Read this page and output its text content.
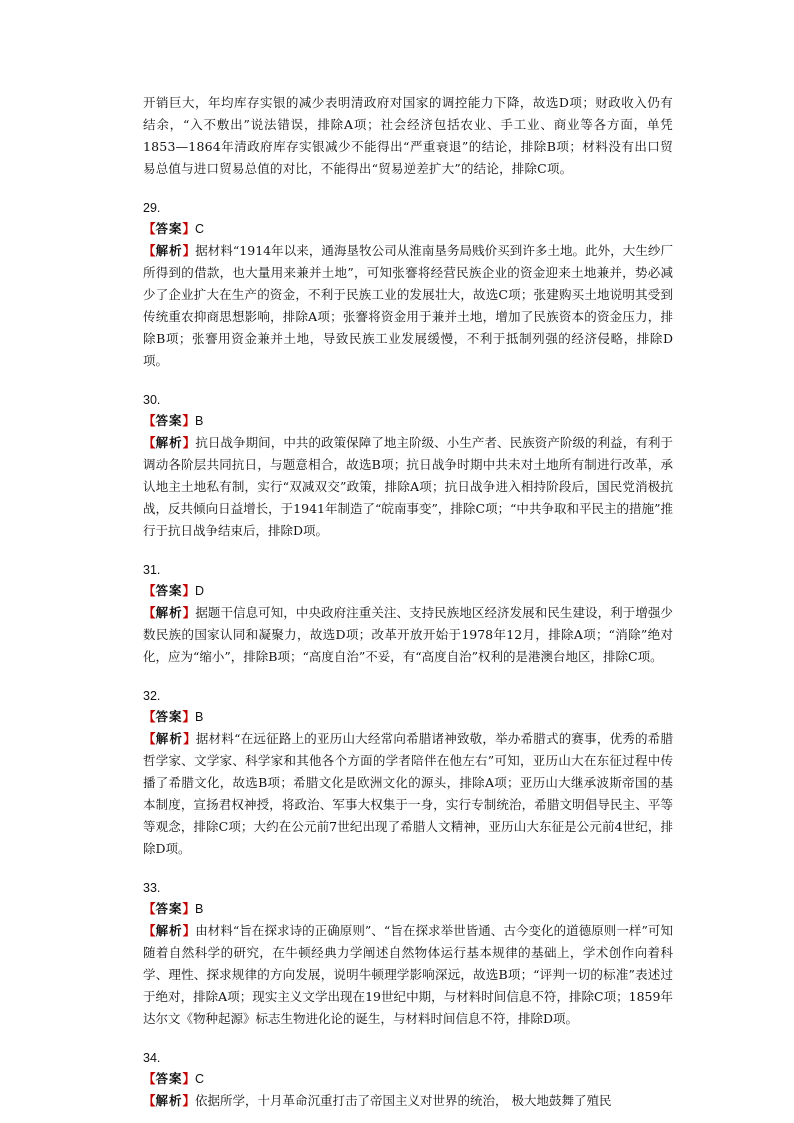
开销巨大，年均库存实银的减少表明清政府对国家的调控能力下降，故选D项；财政收入仍有结余，“入不敷出”说法错误，排除A项；社会经济包括农业、手工业、商业等各方面，单凭1853—1864年清政府库存实银减少不能得出“严重衰退”的结论，排除B项；材料没有出口贸易总值与进口贸易总值的对比，不能得出“贸易逆差扩大”的结论，排除C项。
29.
【答案】C
【解析】据材料“1914年以来，通海垦牧公司从淮南垦务局贱价买到许多土地。此外，大生纱厂所得到的借款，也大量用来兼并土地”，可知张謇将经营民族企业的资金迎来土地兼并，势必减少了企业扩大在生产的资金，不利于民族工业的发展壮大，故选C项；张建购买土地说明其受到传统重农抑商思想影响，排除A项；张謇将资金用于兼并土地，增加了民族资本的资金压力，排除B项；张謇用资金兼并土地，导致民族工业发展缓慢，不利于抵制列强的经济侵略，排除D项。
30.
【答案】B
【解析】抗日战争期间，中共的政策保障了地主阶级、小生产者、民族资产阶级的利益，有利于调动各阶层共同抗日，与题意相合，故选B项；抗日战争时期中共未对土地所有制进行改革，承认地主土地私有制，实行“双减双交”政策，排除A项；抗日战争进入相持阶段后，国民党消极抗战，反共倾向日益增长，于1941年制造了“皖南事变”，排除C项；“中共争取和平民主的措施”推行于抗日战争结束后，排除D项。
31.
【答案】D
【解析】据题干信息可知，中央政府注重关注、支持民族地区经济发展和民生建设，利于增强少数民族的国家认同和凝聚力，故选D项；改革开放开始于1978年12月，排除A项；“消除”绝对化，应为“缩小”，排除B项；“高度自治”不妥，有“高度自治”权利的是港澳台地区，排除C项。
32.
【答案】B
【解析】据材料“在远征路上的亚历山大经常向希腊诸神致敬，举办希腊式的赛事，优秀的希腊哲学家、文学家、科学家和其他各个方面的学者陪伴在他左右”可知，亚历山大在东征过程中传播了希腊文化，故选B项；希腊文化是欧洲文化的源头，排除A项；亚历山大继承波斯帝国的基本制度，宣扬君权神授，将政治、军事大权集于一身，实行专制统治，希腊文明倡导民主、平等等观念，排除C项；大约在公元前7世纪出现了希腊人文精神，亚历山大东征是公元前4世纪，排除D项。
33.
【答案】B
【解析】由材料“旨在探求诗的正确原则”、“旨在探求举世皆通、古今变化的道德原则一样”可知随着自然科学的研究，在牛顿经典力学阐述自然物体运行基本规律的基础上，学术创作向着科学、理性、探求规律的方向发展，说明牛顿理学影响深远，故选B项；“评判一切的标准”表述过于绝对，排除A项；现实主义文学出现在19世纪中期，与材料时间信息不符，排除C项；1859年达尔文《物种起源》标志生物进化论的诞生，与材料时间信息不符，排除D项。
34.
【答案】C
【解析】依据所学，十月革命沉重打击了帝国主义对世界的统治， 极大地鼓舞了殖民
